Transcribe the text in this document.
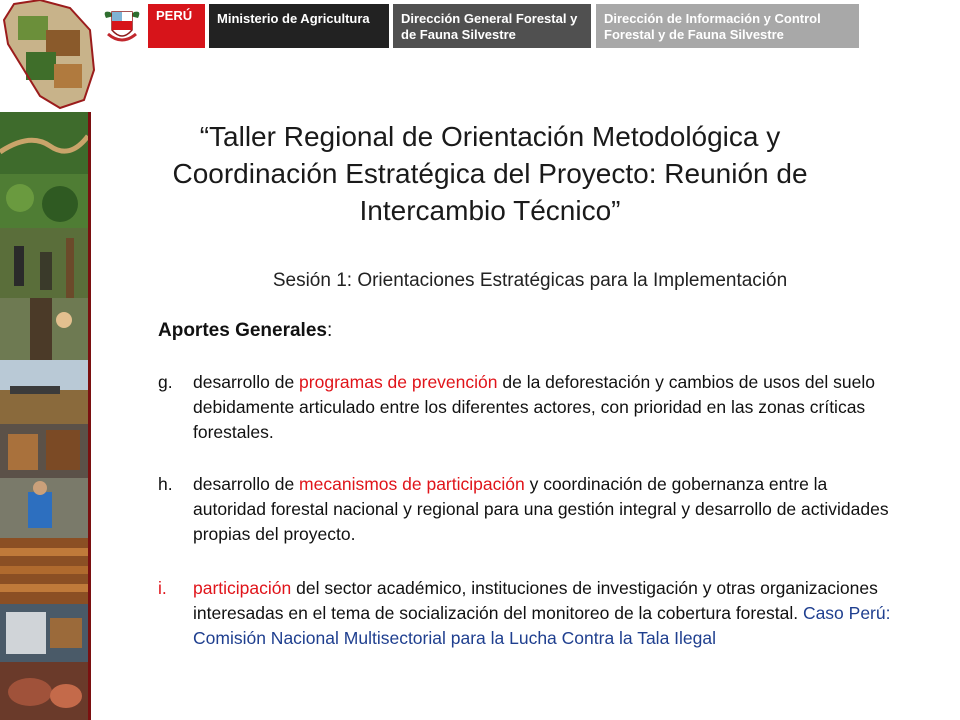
PERÚ	Ministerio de Agricultura	Dirección General Forestal y de Fauna Silvestre
Dirección de Información y Control Forestal y de Fauna Silvestre
“Taller Regional de Orientación Metodológica y Coordinación Estratégica del Proyecto: Reunión de Intercambio Técnico”
Sesión 1: Orientaciones Estratégicas para la Implementación
Aportes Generales:
g.	desarrollo de programas de prevención de la deforestación y cambios de usos del suelo debidamente articulado entre los diferentes actores, con prioridad en las zonas críticas forestales.
h.	desarrollo de mecanismos de participación y coordinación de gobernanza entre la autoridad forestal nacional y regional para una gestión integral y desarrollo de actividades propias del proyecto.
i.	participación del sector académico, instituciones de investigación y otras organizaciones interesadas en el tema de socialización del monitoreo de la cobertura forestal. Caso Perú: Comisión Nacional Multisectorial para la Lucha Contra la Tala Ilegal
